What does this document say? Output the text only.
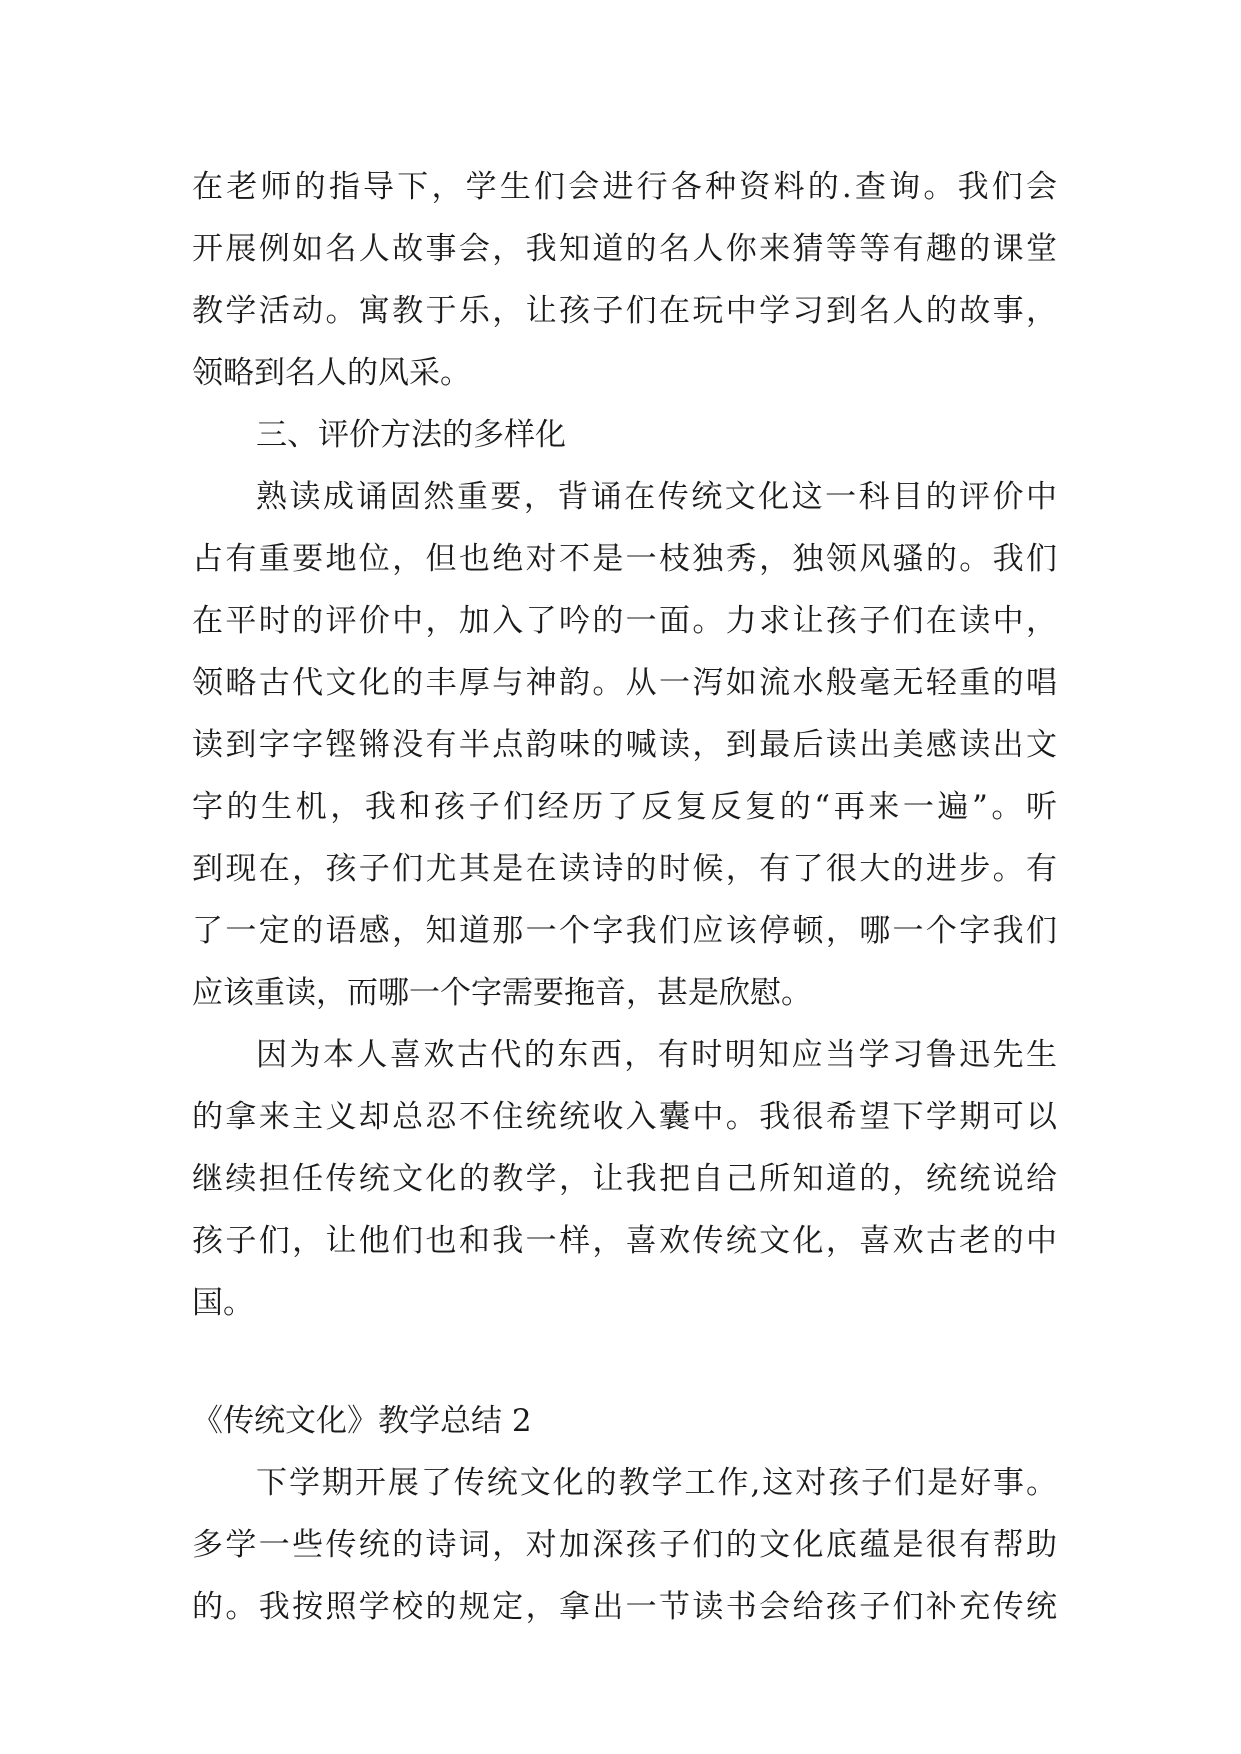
在老师的指导下，学生们会进行各种资料的.查询。我们会
开展例如名人故事会，我知道的名人你来猜等等有趣的课堂
教学活动。寓教于乐，让孩子们在玩中学习到名人的故事，
领略到名人的风采。
三、评价方法的多样化
熟读成诵固然重要，背诵在传统文化这一科目的评价中
占有重要地位，但也绝对不是一枝独秀，独领风骚的。我们
在平时的评价中，加入了吟的一面。力求让孩子们在读中，
领略古代文化的丰厚与神韵。从一泻如流水般毫无轻重的唱
读到字字铿锵没有半点韵味的喊读，到最后读出美感读出文
字的生机，我和孩子们经历了反复反复的“再来一遍”。听
到现在，孩子们尤其是在读诗的时候，有了很大的进步。有
了一定的语感，知道那一个字我们应该停顿，哪一个字我们
应该重读，而哪一个字需要拖音，甚是欣慰。
因为本人喜欢古代的东西，有时明知应当学习鲁迅先生
的拿来主义却总忍不住统统收入囊中。我很希望下学期可以
继续担任传统文化的教学，让我把自己所知道的，统统说给
孩子们，让他们也和我一样，喜欢传统文化，喜欢古老的中
国。
《传统文化》教学总结 2
下学期开展了传统文化的教学工作,这对孩子们是好事。
多学一些传统的诗词，对加深孩子们的文化底蕴是很有帮助
的。我按照学校的规定，拿出一节读书会给孩子们补充传统
